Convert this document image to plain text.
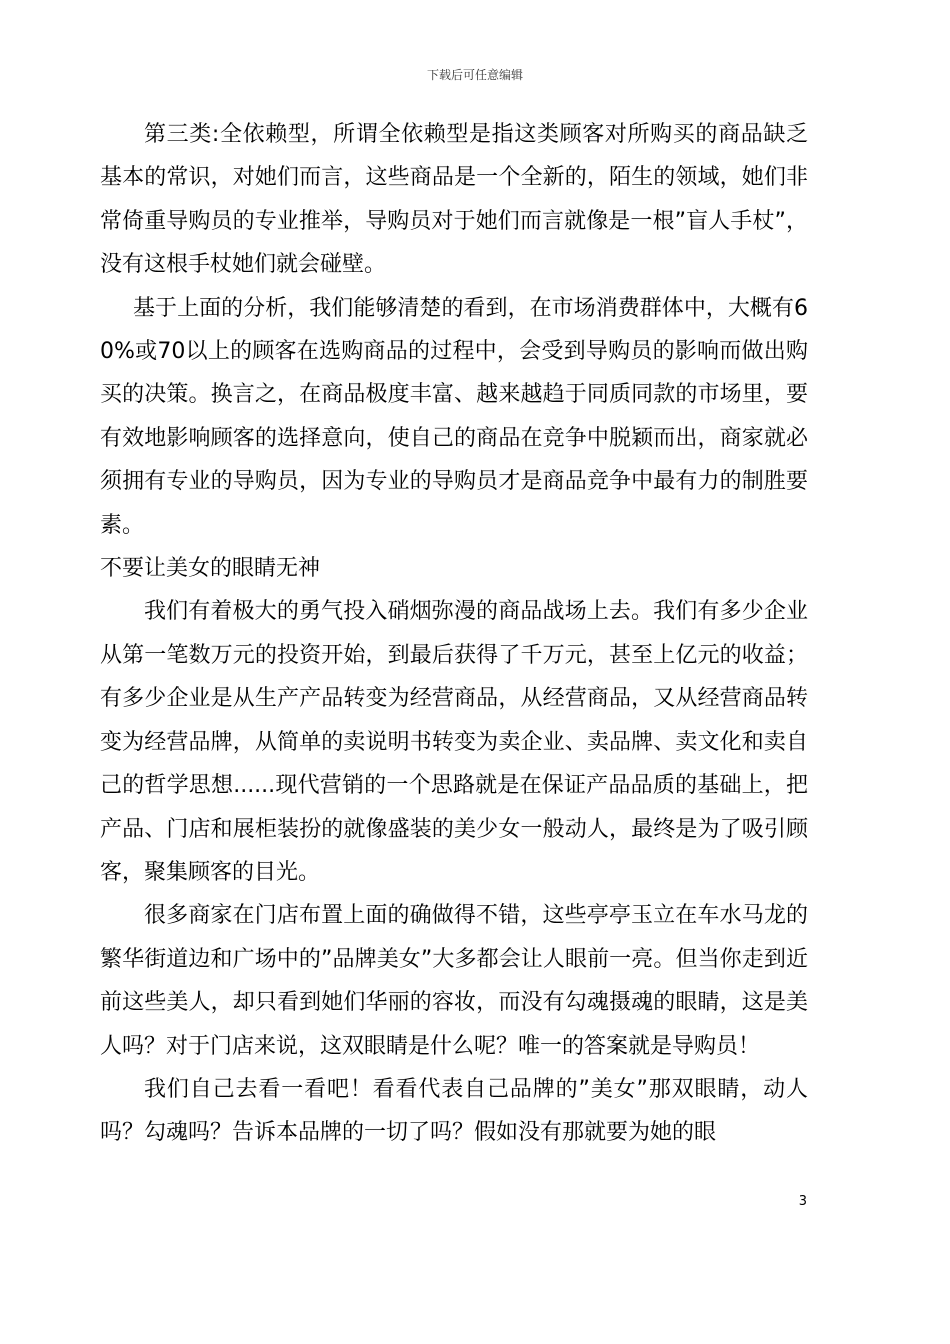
下载后可任意编辑

第三类:全依赖型，所谓全依赖型是指这类顾客对所购买的商品缺乏基本的常识，对她们而言，这些商品是一个全新的，陌生的领域，她们非常倚重导购员的专业推举，导购员对于她们而言就像是一根”盲人手杖”，没有这根手杖她们就会碰壁。

基于上面的分析，我们能够清楚的看到，在市场消费群体中，大概有60%或70以上的顾客在选购商品的过程中，会受到导购员的影响而做出购买的决策。换言之，在商品极度丰富、越来越趋于同质同款的市场里，要有效地影响顾客的选择意向，使自己的商品在竞争中脱颖而出，商家就必须拥有专业的导购员，因为专业的导购员才是商品竞争中最有力的制胜要素。

不要让美女的眼睛无神

我们有着极大的勇气投入硝烟弥漫的商品战场上去。我们有多少企业从第一笔数万元的投资开始，到最后获得了千万元，甚至上亿元的收益；有多少企业是从生产产品转变为经营商品，从经营商品，又从经营商品转变为经营品牌，从简单的卖说明书转变为卖企业、卖品牌、卖文化和卖自己的哲学思想......现代营销的一个思路就是在保证产品品质的基础上，把产品、门店和展柜装扮的就像盛装的美少女一般动人，最终是为了吸引顾客，聚集顾客的目光。

很多商家在门店布置上面的确做得不错，这些亭亭玉立在车水马龙的繁华街道边和广场中的”品牌美女”大多都会让人眼前一亮。但当你走到近前这些美人，却只看到她们华丽的容妆，而没有勾魂摄魂的眼睛，这是美人吗？对于门店来说，这双眼睛是什么呢？唯一的答案就是导购员！

我们自己去看一看吧！看看代表自己品牌的”美女”那双眼睛，动人吗？勾魂吗？告诉本品牌的一切了吗？假如没有那就要为她的眼

3
